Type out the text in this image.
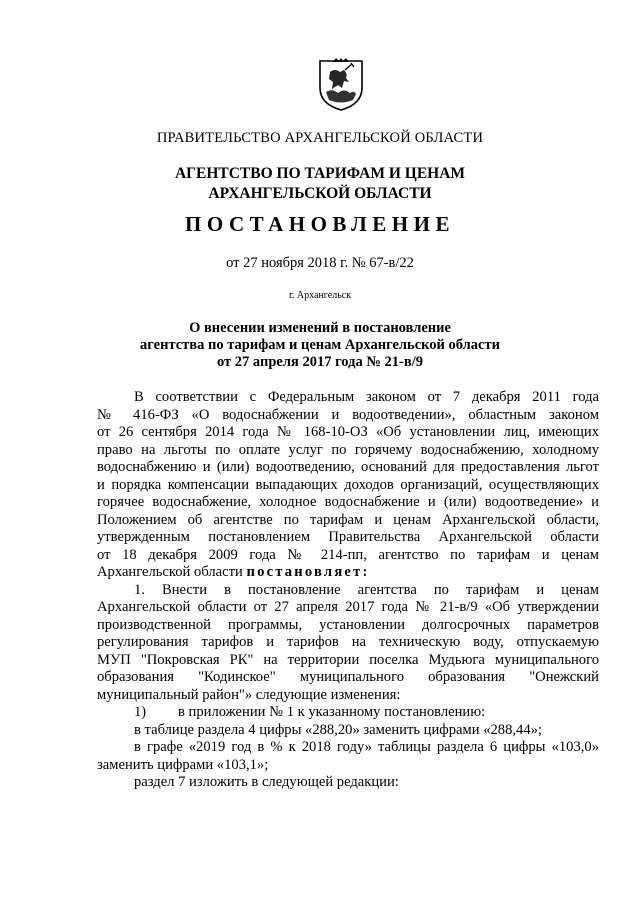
ПРАВИТЕЛЬСТВО АРХАНГЕЛЬСКОЙ ОБЛАСТИ
АГЕНТСТВО ПО ТАРИФАМ И ЦЕНАМ
АРХАНГЕЛЬСКОЙ ОБЛАСТИ
ПОСТАНОВЛЕНИЕ
от 27 ноября 2018 г. № 67-в/22
г. Архангельск
О внесении изменений в постановление
агентства по тарифам и ценам Архангельской области
от 27 апреля 2017 года № 21-в/9

В соответствии с Федеральным законом от 7 декабря 2011 года

№ 416-ФЗ «О водоснабжении и водоотведении», областным законом

от 26 сентября 2014 года № 168-10-ОЗ «Об установлении лиц, имеющих

право на льготы по оплате услуг по горячему водоснабжению, холодному

водоснабжению и (или) водоотведению, оснований для предоставления льгот

и порядка компенсации выпадающих доходов организаций, осуществляющих

горячее водоснабжение, холодное водоснабжение и (или) водоотведение» и

Положением об агентстве по тарифам и ценам Архангельской области,

утвержденным постановлением Правительства Архангельской области

от 18 декабря 2009 года № 214-пп, агентство по тарифам и ценам

Архангельской области постановляет:

1. Внести в постановление агентства по тарифам и ценам

Архангельской области от 27 апреля 2017 года № 21-в/9 «Об утверждении

производственной программы, установлении долгосрочных параметров

регулирования тарифов и тарифов на техническую воду, отпускаемую

МУП "Покровская РК" на территории поселка Мудьюга муниципального

образования "Кодинское" муниципального образования "Онежский

муниципальный район"» следующие изменения:

1) в приложении № 1 к указанному постановлению:

в таблице раздела 4 цифры «288,20» заменить цифрами «288,44»;

в графе «2019 год в % к 2018 году» таблицы раздела 6 цифры «103,0»

заменить цифрами «103,1»;

раздел 7 изложить в следующей редакции:
